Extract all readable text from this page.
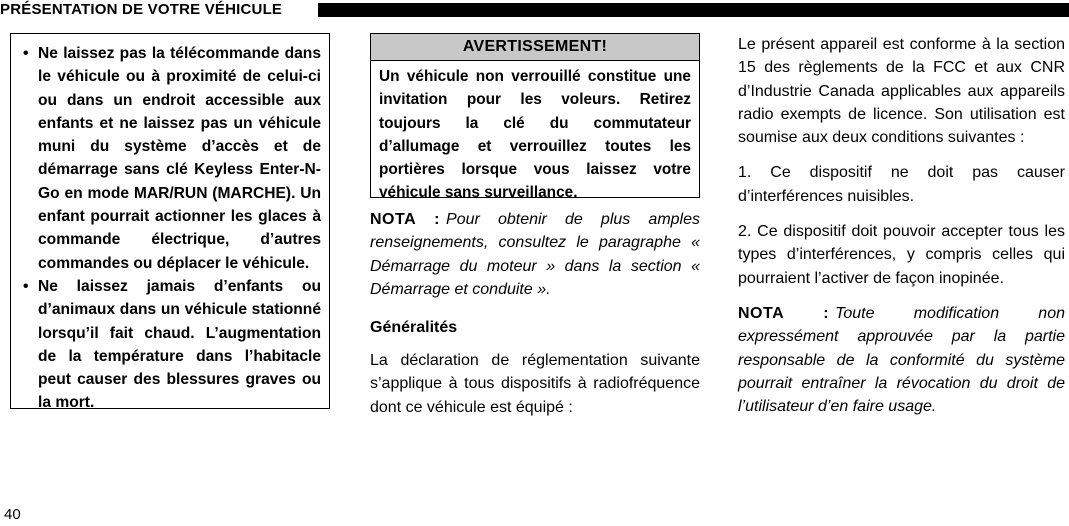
PRÉSENTATION DE VOTRE VÉHICULE
• Ne laissez pas la télécommande dans le véhicule ou à proximité de celui-ci ou dans un endroit accessible aux enfants et ne laissez pas un véhicule muni du système d’accès et de démarrage sans clé Keyless Enter-N-Go en mode MAR/RUN (MARCHE). Un enfant pourrait actionner les glaces à commande électrique, d’autres commandes ou déplacer le véhicule.
• Ne laissez jamais d’enfants ou d’animaux dans un véhicule stationné lorsqu’il fait chaud. L’augmentation de la température dans l’habitacle peut causer des blessures graves ou la mort.
AVERTISSEMENT!
Un véhicule non verrouillé constitue une invitation pour les voleurs. Retirez toujours la clé du commutateur d’allumage et verrouillez toutes les portières lorsque vous laissez votre véhicule sans surveillance.
NOTA : Pour obtenir de plus amples renseignements, consultez le paragraphe « Démarrage du moteur » dans la section « Démarrage et conduite ».
Généralités
La déclaration de réglementation suivante s’applique à tous dispositifs à radiofréquence dont ce véhicule est équipé :
Le présent appareil est conforme à la section 15 des règlements de la FCC et aux CNR d’Industrie Canada applicables aux appareils radio exempts de licence. Son utilisation est soumise aux deux conditions suivantes :
1. Ce dispositif ne doit pas causer d’interférences nuisibles.
2. Ce dispositif doit pouvoir accepter tous les types d’interférences, y compris celles qui pourraient l’activer de façon inopinée.
NOTA : Toute modification non expressément approuvée par la partie responsable de la conformité du système pourrait entraîner la révocation du droit de l’utilisateur d’en faire usage.
40
